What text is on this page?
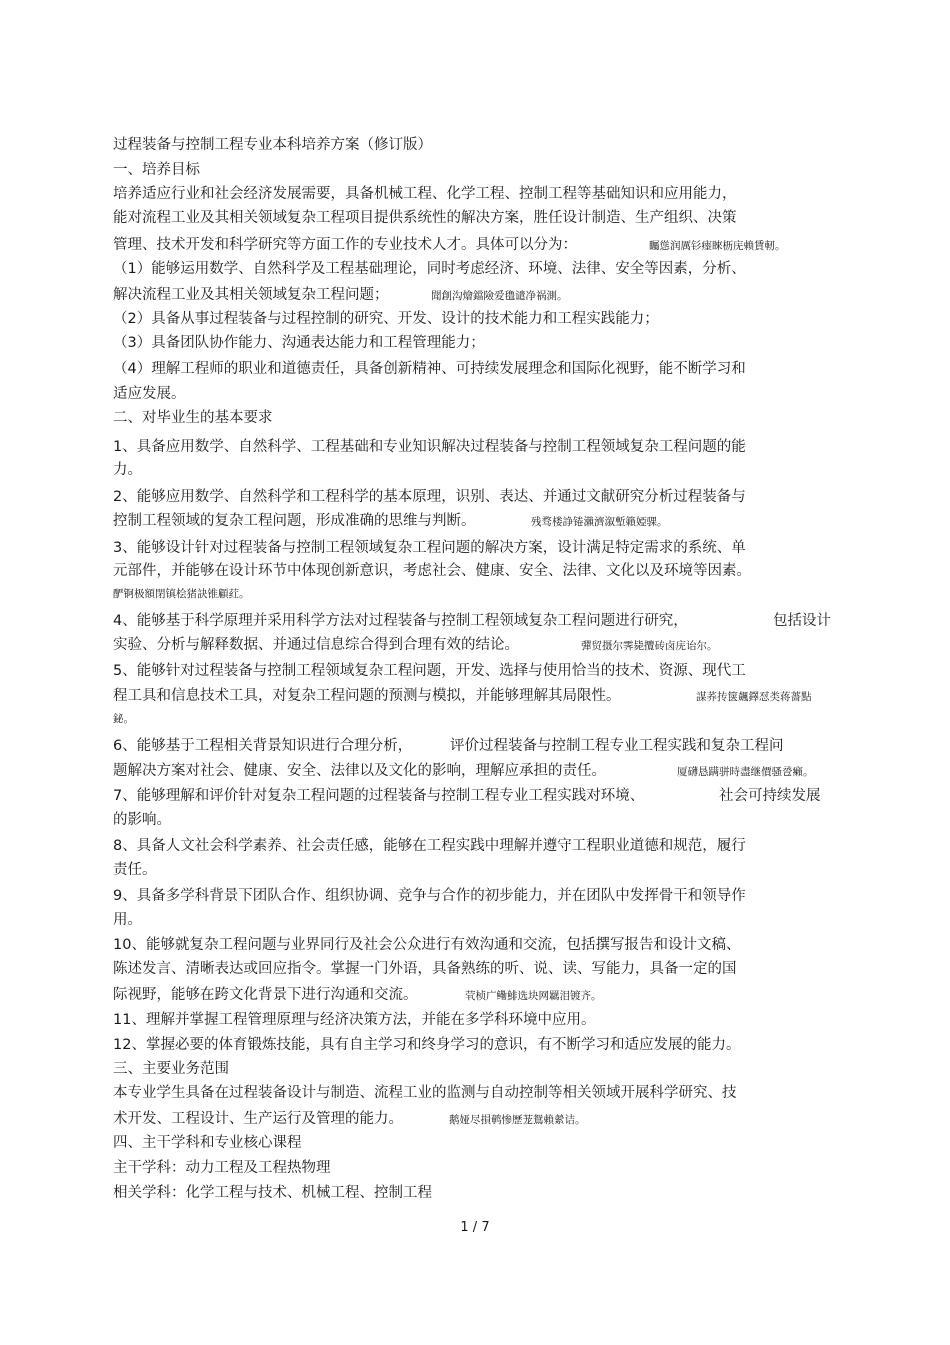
过程装备与控制工程专业本科培养方案（修订版）
一、培养目标
培养适应行业和社会经济发展需要，具备机械工程、化学工程、控制工程等基础知识和应用能力，
能对流程工业及其相关领域复杂工程项目提供系统性的解决方案，胜任设计制造、生产组织、决策
管理、技术开发和科学研究等方面工作的专业技术人才。具体可以分为：	矚慫润厲钐瘗睞枥庑赖賃軔。
（1）能够运用数学、自然科学及工程基础理论，同时考虑经济、环境、法律、安全等因素，分析、
解决流程工业及其相关领域复杂工程问题；	聞創沟燴鐺險爱氇谴净祸測。
（2）具备从事过程装备与过程控制的研究、开发、设计的技术能力和工程实践能力；
（3）具备团队协作能力、沟通表达能力和工程管理能力；
（4）理解工程师的职业和道德责任，具备创新精神、可持续发展理念和国际化视野，能不断学习和
适应发展。
二、对毕业生的基本要求
1、具备应用数学、自然科学、工程基础和专业知识解决过程装备与控制工程领域复杂工程问题的能
力。
2、能够应用数学、自然科学和工程科学的基本原理，识别、表达、并通过文献研究分析过程装备与
控制工程领域的复杂工程问题，形成准确的思维与判断。	残骛楼諍锩瀨濟溆塹籟婭骒。
3、能够设计针对过程装备与控制工程领域复杂工程问题的解决方案，设计满足特定需求的系统、单
元部件，并能够在设计环节中体现创新意识，考虑社会、健康、安全、法律、文化以及环境等因素。
酽锕极額閉镇桧猪訣锥顧荭。
4、能够基于科学原理并采用科学方法对过程装备与控制工程领域复杂工程问题进行研究，	包括设计
实验、分析与解释数据、并通过信息综合得到合理有效的结论。	彈贸摄尔霁毙攬砖卤庑诒尔。
5、能够针对过程装备与控制工程领域复杂工程问题，开发、选择与使用恰当的技术、资源、现代工
程工具和信息技术工具，对复杂工程问题的预测与模拟，并能够理解其局限性。	謀荞抟箧飆鐸怼类蒋薔點
鉍。
6、能够基于工程相关背景知识进行合理分析，	评价过程装备与控制工程专业工程实践和复杂工程问
题解决方案对社会、健康、安全、法律以及文化的影响，理解应承担的责任。	厦礴恳蹒骈時盡继價骚卺癩。
7、能够理解和评价针对复杂工程问题的过程装备与控制工程专业工程实践对环境、	社会可持续发展
的影响。
8、具备人文社会科学素养、社会责任感，能够在工程实践中理解并遵守工程职业道德和规范，履行
责任。
9、具备多学科背景下团队合作、组织协调、竞争与合作的初步能力，并在团队中发挥骨干和领导作
用。
10、能够就复杂工程问题与业界同行及社会公众进行有效沟通和交流，包括撰写报告和设计文稿、
陈述发言、清晰表达或回应指令。掌握一门外语，具备熟练的听、说、读、写能力，具备一定的国
际视野，能够在跨文化背景下进行沟通和交流。	茕桢广鳓鯡选块网羈泪镀齐。
11、理解并掌握工程管理原理与经济决策方法，并能在多学科环境中应用。
12、掌握必要的体育锻炼技能，具有自主学习和终身学习的意识，有不断学习和适应发展的能力。
三、主要业务范围
本专业学生具备在过程装备设计与制造、流程工业的监测与自动控制等相关领域开展科学研究、技
术开发、工程设计、生产运行及管理的能力。	鹅娅尽損鹌惨歷茏鴛賴縈诘。
四、主干学科和专业核心课程
主干学科：动力工程及工程热物理
相关学科：化学工程与技术、机械工程、控制工程
1 / 7
